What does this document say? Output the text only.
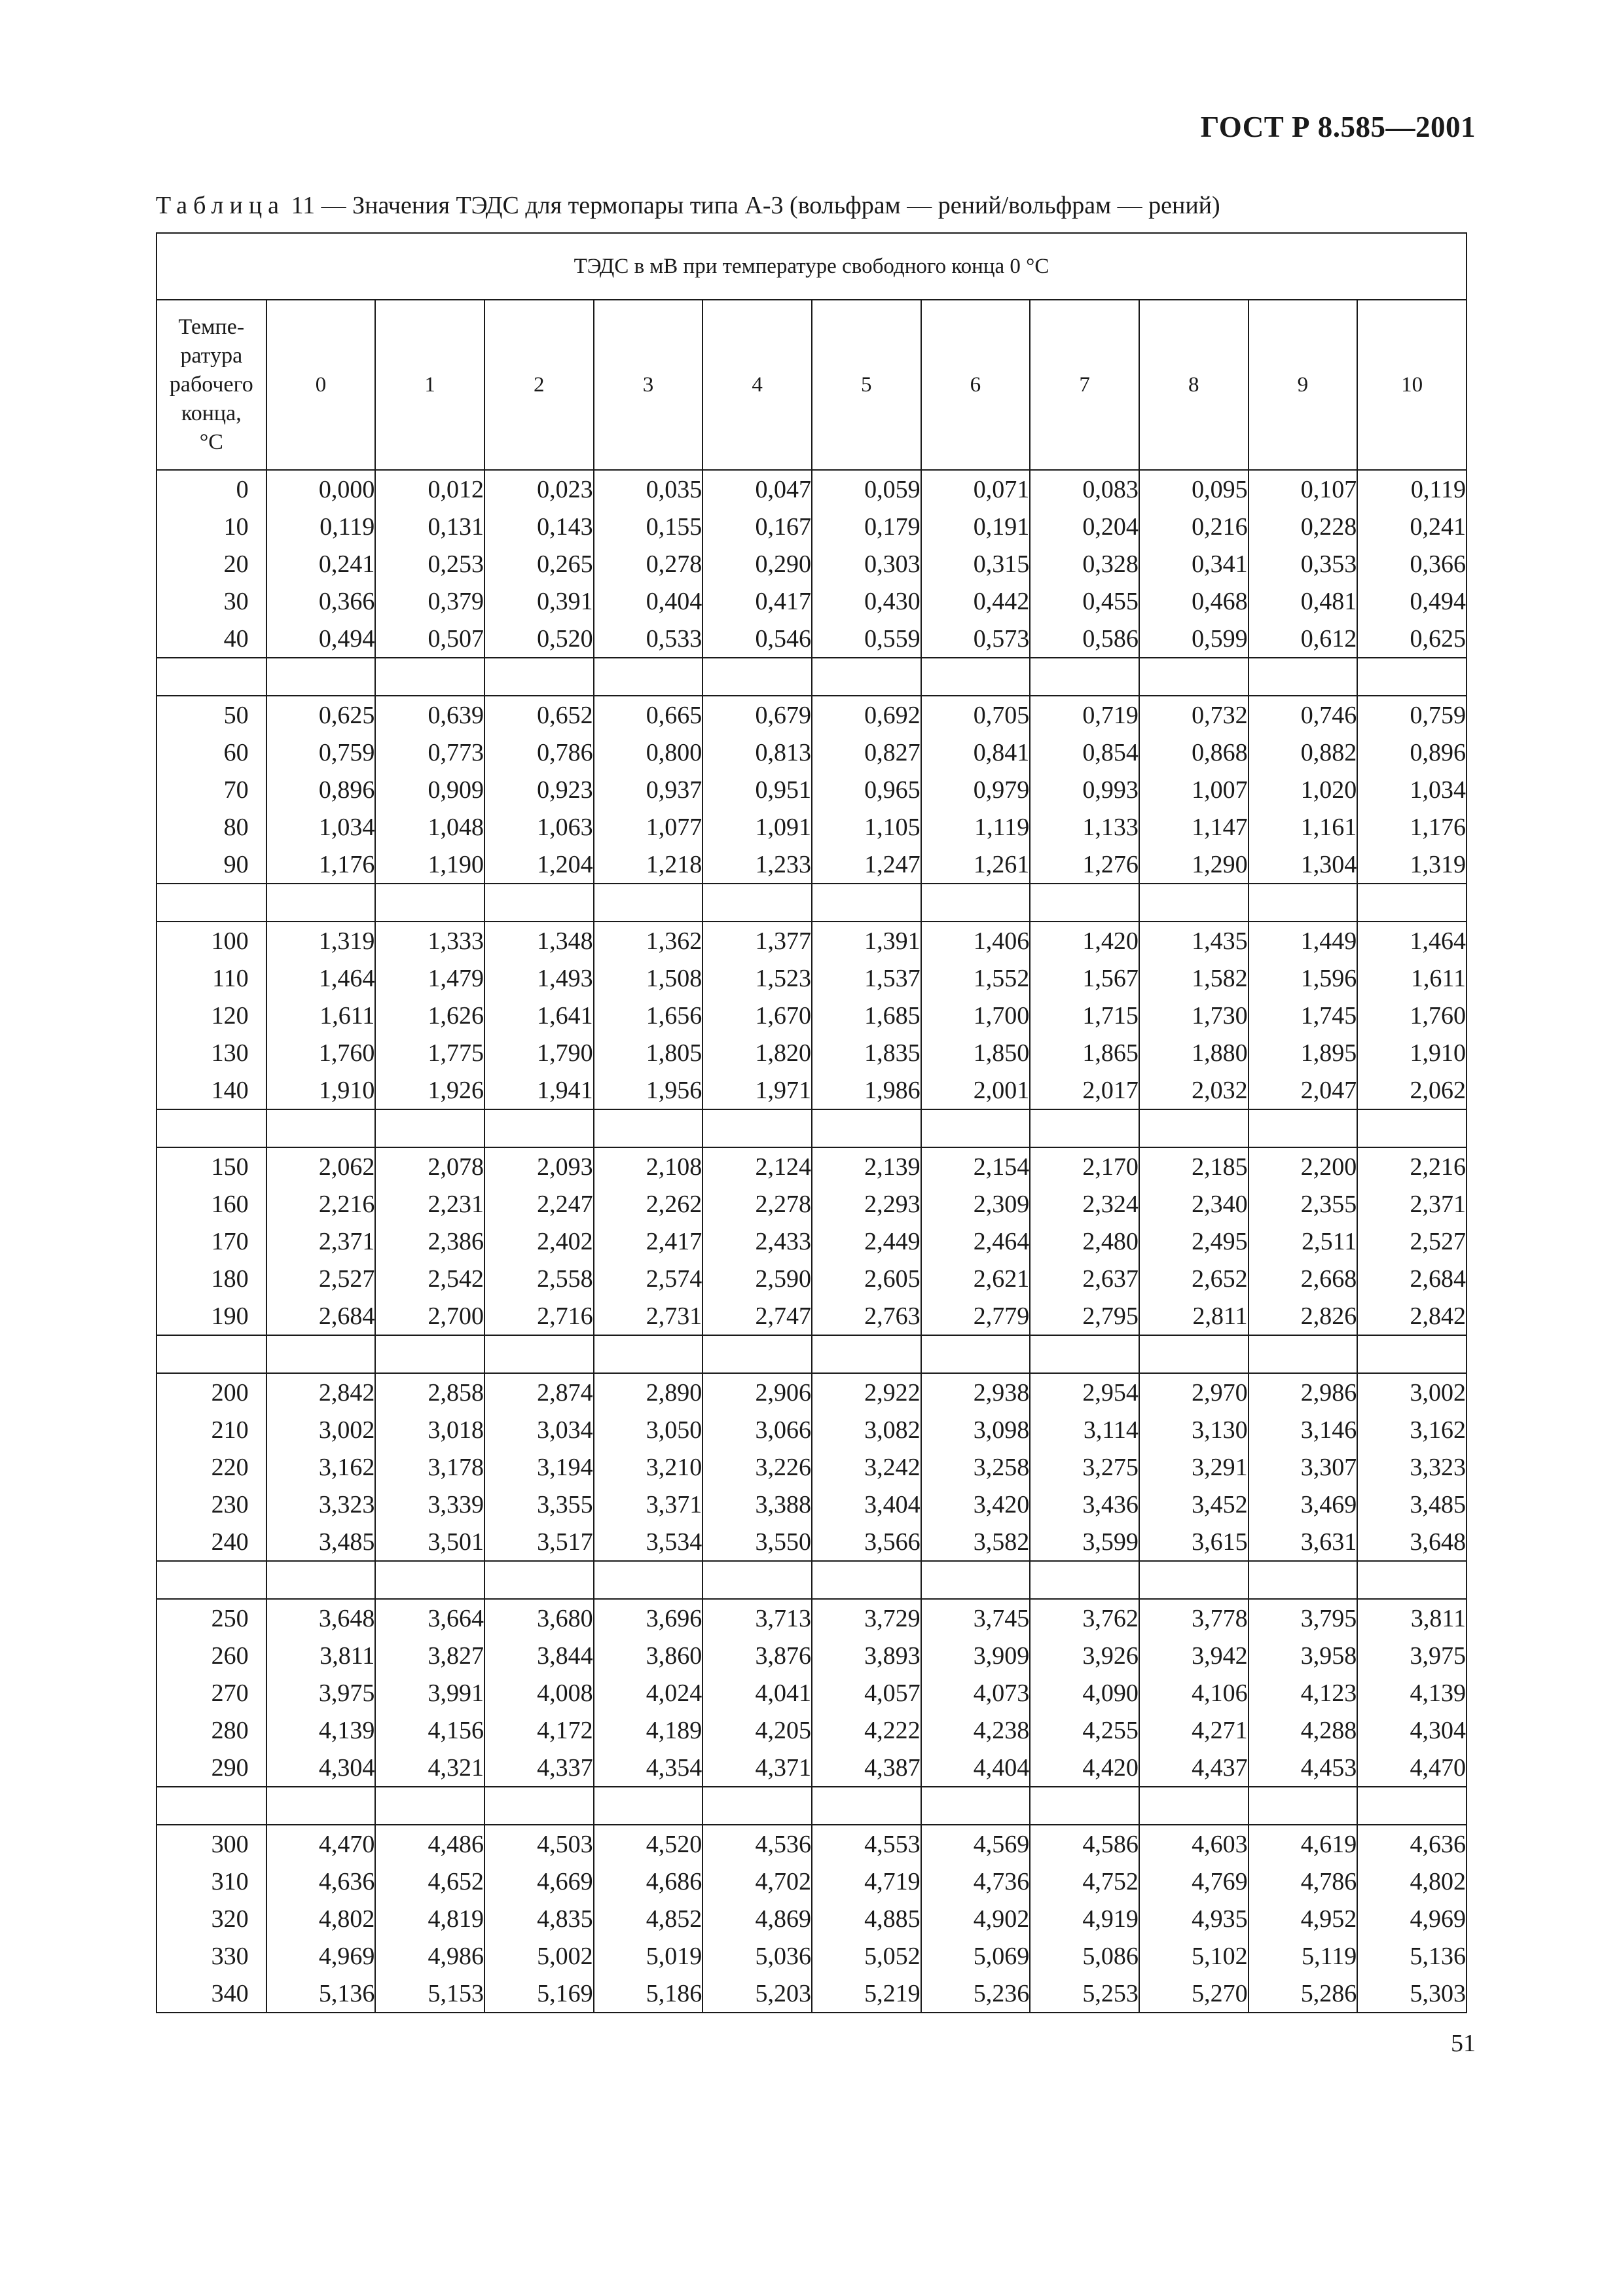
ГОСТ Р 8.585—2001
Таблица 11 — Значения ТЭДС для термопары типа А-3 (вольфрам — рений/вольфрам — рений)
ТЭДС в мВ при температуре свободного конца 0 °С											

Темпе-
ратура
рабочего
конца,
°С	0	1	2	3	4	5	6	7	8	9	10
0	0,000	0,012	0,023	0,035	0,047	0,059	0,071	0,083	0,095	0,107	0,119
10	0,119	0,131	0,143	0,155	0,167	0,179	0,191	0,204	0,216	0,228	0,241
20	0,241	0,253	0,265	0,278	0,290	0,303	0,315	0,328	0,341	0,353	0,366
30	0,366	0,379	0,391	0,404	0,417	0,430	0,442	0,455	0,468	0,481	0,494
40	0,494	0,507	0,520	0,533	0,546	0,559	0,573	0,586	0,599	0,612	0,625

50	0,625	0,639	0,652	0,665	0,679	0,692	0,705	0,719	0,732	0,746	0,759
60	0,759	0,773	0,786	0,800	0,813	0,827	0,841	0,854	0,868	0,882	0,896
70	0,896	0,909	0,923	0,937	0,951	0,965	0,979	0,993	1,007	1,020	1,034
80	1,034	1,048	1,063	1,077	1,091	1,105	1,119	1,133	1,147	1,161	1,176
90	1,176	1,190	1,204	1,218	1,233	1,247	1,261	1,276	1,290	1,304	1,319

100	1,319	1,333	1,348	1,362	1,377	1,391	1,406	1,420	1,435	1,449	1,464
110	1,464	1,479	1,493	1,508	1,523	1,537	1,552	1,567	1,582	1,596	1,611
120	1,611	1,626	1,641	1,656	1,670	1,685	1,700	1,715	1,730	1,745	1,760
130	1,760	1,775	1,790	1,805	1,820	1,835	1,850	1,865	1,880	1,895	1,910
140	1,910	1,926	1,941	1,956	1,971	1,986	2,001	2,017	2,032	2,047	2,062

150	2,062	2,078	2,093	2,108	2,124	2,139	2,154	2,170	2,185	2,200	2,216
160	2,216	2,231	2,247	2,262	2,278	2,293	2,309	2,324	2,340	2,355	2,371
170	2,371	2,386	2,402	2,417	2,433	2,449	2,464	2,480	2,495	2,511	2,527
180	2,527	2,542	2,558	2,574	2,590	2,605	2,621	2,637	2,652	2,668	2,684
190	2,684	2,700	2,716	2,731	2,747	2,763	2,779	2,795	2,811	2,826	2,842

200	2,842	2,858	2,874	2,890	2,906	2,922	2,938	2,954	2,970	2,986	3,002
210	3,002	3,018	3,034	3,050	3,066	3,082	3,098	3,114	3,130	3,146	3,162
220	3,162	3,178	3,194	3,210	3,226	3,242	3,258	3,275	3,291	3,307	3,323
230	3,323	3,339	3,355	3,371	3,388	3,404	3,420	3,436	3,452	3,469	3,485
240	3,485	3,501	3,517	3,534	3,550	3,566	3,582	3,599	3,615	3,631	3,648

250	3,648	3,664	3,680	3,696	3,713	3,729	3,745	3,762	3,778	3,795	3,811
260	3,811	3,827	3,844	3,860	3,876	3,893	3,909	3,926	3,942	3,958	3,975
270	3,975	3,991	4,008	4,024	4,041	4,057	4,073	4,090	4,106	4,123	4,139
280	4,139	4,156	4,172	4,189	4,205	4,222	4,238	4,255	4,271	4,288	4,304
290	4,304	4,321	4,337	4,354	4,371	4,387	4,404	4,420	4,437	4,453	4,470

300	4,470	4,486	4,503	4,520	4,536	4,553	4,569	4,586	4,603	4,619	4,636
310	4,636	4,652	4,669	4,686	4,702	4,719	4,736	4,752	4,769	4,786	4,802
320	4,802	4,819	4,835	4,852	4,869	4,885	4,902	4,919	4,935	4,952	4,969
330	4,969	4,986	5,002	5,019	5,036	5,052	5,069	5,086	5,102	5,119	5,136
340	5,136	5,153	5,169	5,186	5,203	5,219	5,236	5,253	5,270	5,286	5,303
51
